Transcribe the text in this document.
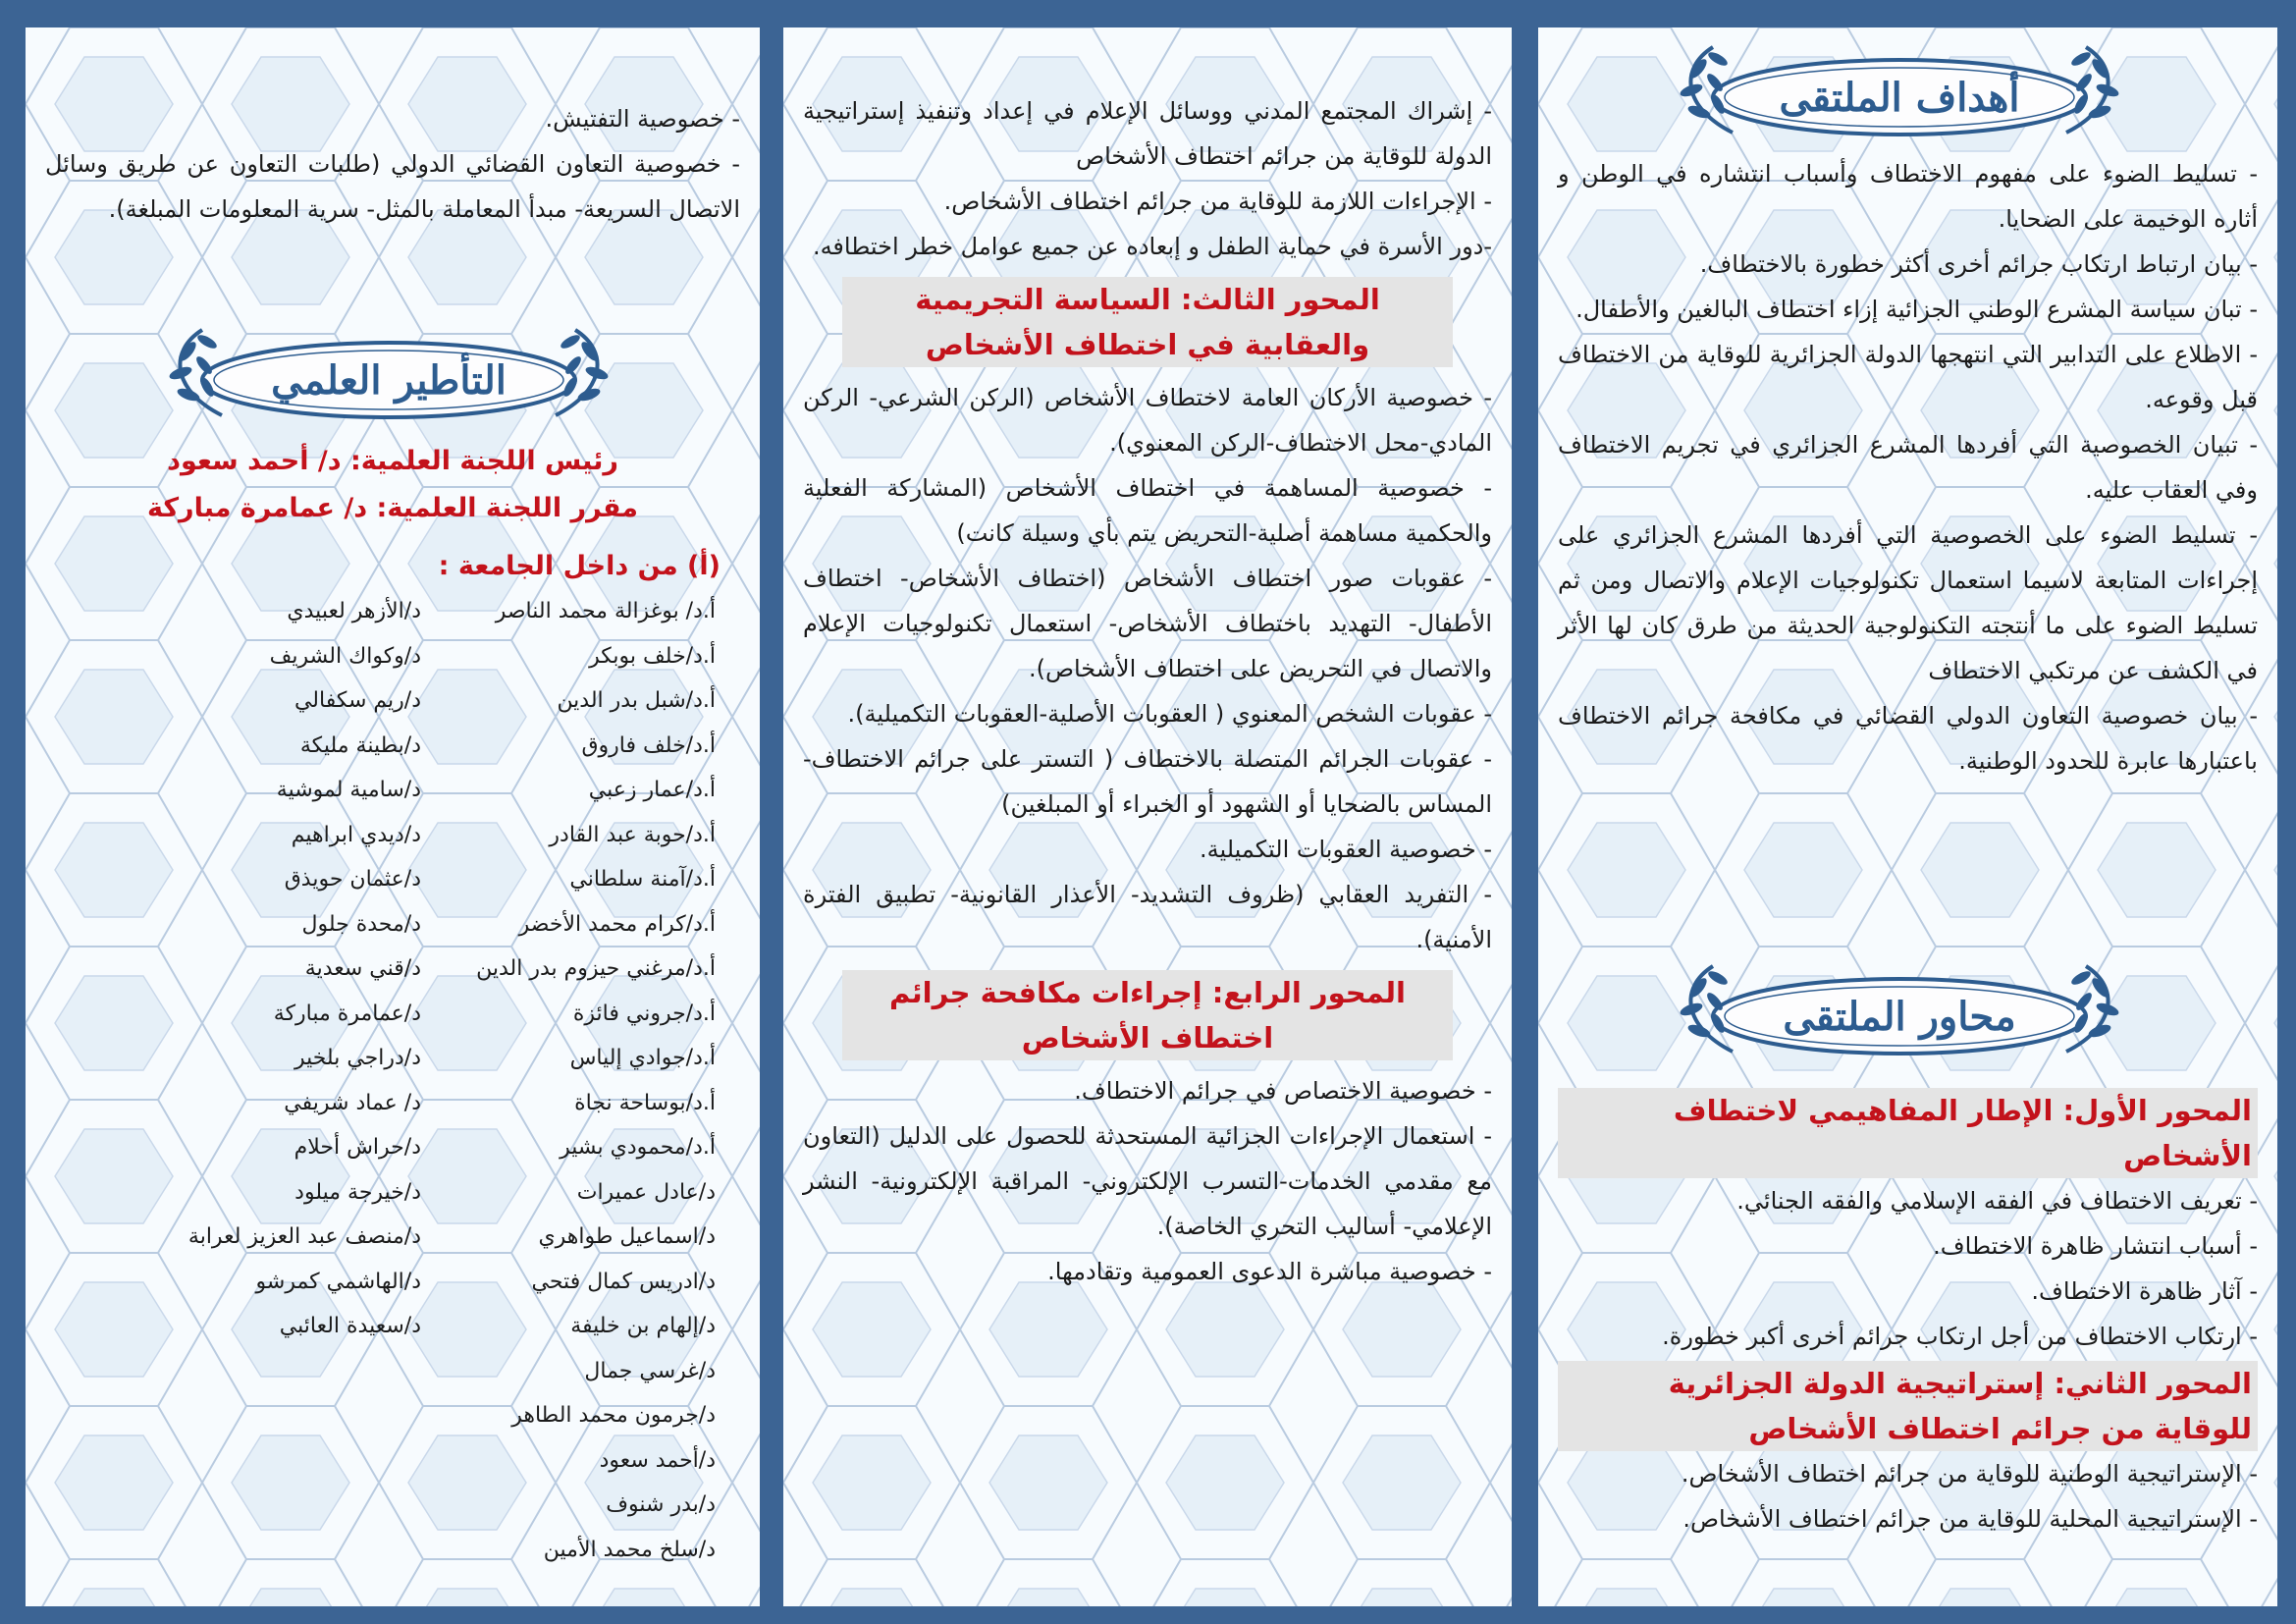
أهداف الملتقى

- تسليط الضوء على مفهوم الاختطاف وأسباب انتشاره في الوطن و أثاره الوخيمة على الضحايا.

- بيان ارتباط ارتكاب جرائم أخرى أكثر خطورة بالاختطاف.

- تبان سياسة المشرع الوطني الجزائية إزاء اختطاف البالغين والأطفال.

- الاطلاع على التدابير التي انتهجها الدولة الجزائرية للوقاية من الاختطاف قبل وقوعه.

- تبيان الخصوصية التي أفردها المشرع الجزائري في تجريم الاختطاف وفي العقاب عليه.

- تسليط الضوء على الخصوصية التي أفردها المشرع الجزائري على إجراءات المتابعة لاسيما استعمال تكنولوجيات الإعلام والاتصال ومن ثم تسليط الضوء على ما أنتجته التكنولوجية الحديثة من طرق كان لها الأثر في الكشف عن مرتكبي الاختطاف

- بيان خصوصية التعاون الدولي القضائي في مكافحة جرائم الاختطاف باعتبارها عابرة للحدود الوطنية.

محاور الملتقى
المحور الأول: الإطار المفاهيمي لاختطاف الأشخاص

- تعريف الاختطاف في الفقه الإسلامي والفقه الجنائي.

- أسباب انتشار ظاهرة الاختطاف.

- آثار ظاهرة الاختطاف.

- ارتكاب الاختطاف من أجل ارتكاب جرائم أخرى أكبر خطورة.

المحور الثاني: إستراتيجية الدولة الجزائرية للوقاية من جرائم اختطاف الأشخاص

- الإستراتيجية الوطنية للوقاية من جرائم اختطاف الأشخاص.

- الإستراتيجية المحلية للوقاية من جرائم اختطاف الأشخاص.

- إشراك المجتمع المدني ووسائل الإعلام في إعداد وتنفيذ إستراتيجية الدولة للوقاية من جرائم اختطاف الأشخاص

- الإجراءات اللازمة للوقاية من جرائم اختطاف الأشخاص.

-دور الأسرة في حماية الطفل و إبعاده عن جميع عوامل خطر اختطافه.

المحور الثالث: السياسة التجريمية والعقابية في اختطاف الأشخاص

- خصوصية الأركان العامة لاختطاف الأشخاص (الركن الشرعي- الركن المادي-محل الاختطاف-الركن المعنوي).

- خصوصية المساهمة في اختطاف الأشخاص (المشاركة الفعلية والحكمية مساهمة أصلية-التحريض يتم بأي وسيلة كانت)

- عقوبات صور اختطاف الأشخاص (اختطاف الأشخاص- اختطاف الأطفال- التهديد باختطاف الأشخاص- استعمال تكنولوجيات الإعلام والاتصال في التحريض على اختطاف الأشخاص).

- عقوبات الشخص المعنوي ( العقوبات الأصلية-العقوبات التكميلية).

- عقوبات الجرائم المتصلة بالاختطاف ( التستر على جرائم الاختطاف- المساس بالضحايا أو الشهود أو الخبراء أو المبلغين)

- خصوصية العقوبات التكميلية.

- التفريد العقابي (ظروف التشديد- الأعذار القانونية- تطبيق الفترة الأمنية).

المحور الرابع: إجراءات مكافحة جرائم اختطاف الأشخاص

- خصوصية الاختصاص في جرائم الاختطاف.

- استعمال الإجراءات الجزائية المستحدثة للحصول على الدليل (التعاون مع مقدمي الخدمات-التسرب الإلكتروني- المراقبة الإلكترونية- النشر الإعلامي- أساليب التحري الخاصة).

- خصوصية مباشرة الدعوى العمومية وتقادمها.

- خصوصية التفتيش.

- خصوصية التعاون القضائي الدولي (طلبات التعاون عن طريق وسائل الاتصال السريعة- مبدأ المعاملة بالمثل- سرية المعلومات المبلغة).

التأطير العلمي
رئيس اللجنة العلمية: د/ أحمد سعود
مقرر اللجنة العلمية: د/ عمامرة مباركة
(أ) من داخل الجامعة :
أ.د/ بوغزالة محمد الناصر
أ.د/خلف بوبكر
أ.د/شبل بدر الدين
أ.د/خلف فاروق
أ.د/عمار زعبي
أ.د/حوبة عبد القادر
أ.د/آمنة سلطاني
أ.د/كرام محمد الأخضر
أ.د/مرغني حيزوم بدر الدين
أ.د/جروني فائزة
أ.د/جوادي إلياس
أ.د/بوساحة نجاة
أ.د/محمودي بشير
د/عادل عميرات
د/اسماعيل طواهري
د/ادريس كمال فتحي
د/إلهام بن خليفة
د/غرسي جمال
د/جرمون محمد الطاهر
د/أحمد سعود
د/بدر شنوف
د/سلخ محمد الأمين
د/الأزهر لعبيدي
د/وكواك الشريف
د/ريم سكفالي
د/بطينة مليكة
د/سامية لموشية
د/ديدي ابراهيم
د/عثمان حويذق
د/محدة جلول
د/قني سعدية
د/عمامرة مباركة
د/دراجي بلخير
د/ عماد شريفي
د/حراش أحلام
د/خيرجة ميلود
د/منصف عبد العزيز لعرابة
د/الهاشمي كمرشو
د/سعيدة العائبي
